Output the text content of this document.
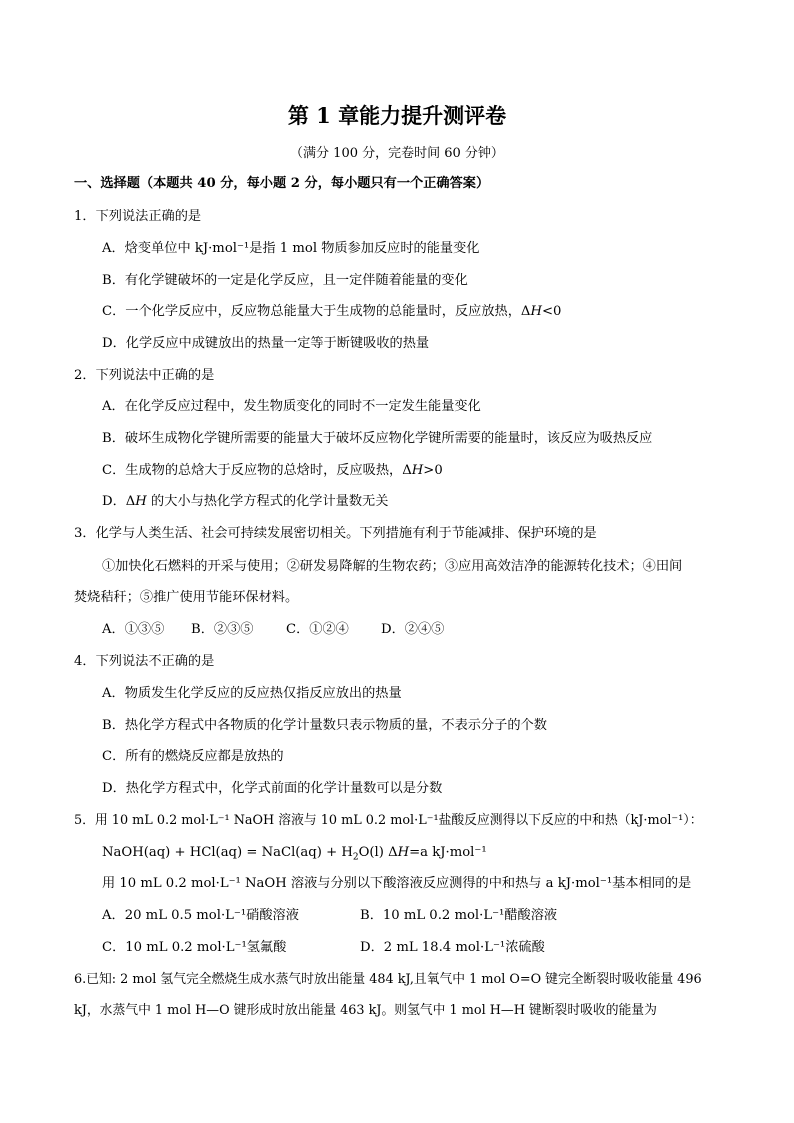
第 1 章能力提升测评卷
（满分 100 分，完卷时间 60 分钟）
一、选择题（本题共 40 分，每小题 2 分，每小题只有一个正确答案）
1．下列说法正确的是
A．焓变单位中 kJ·mol⁻¹是指 1 mol 物质参加反应时的能量变化
B．有化学键破坏的一定是化学反应，且一定伴随着能量的变化
C．一个化学反应中，反应物总能量大于生成物的总能量时，反应放热，ΔH<0
D．化学反应中成键放出的热量一定等于断键吸收的热量
2．下列说法中正确的是
A．在化学反应过程中，发生物质变化的同时不一定发生能量变化
B．破坏生成物化学键所需要的能量大于破坏反应物化学键所需要的能量时，该反应为吸热反应
C．生成物的总焓大于反应物的总焓时，反应吸热，ΔH>0
D．ΔH 的大小与热化学方程式的化学计量数无关
3．化学与人类生活、社会可持续发展密切相关。下列措施有利于节能减排、保护环境的是
①加快化石燃料的开采与使用；②研发易降解的生物农药；③应用高效洁净的能源转化技术；④田间
焚烧秸秆；⑤推广使用节能环保材料。
A．①③⑤ B．②③⑤ C．①②④ D．②④⑤
4．下列说法不正确的是
A．物质发生化学反应的反应热仅指反应放出的热量
B．热化学方程式中各物质的化学计量数只表示物质的量，不表示分子的个数
C．所有的燃烧反应都是放热的
D．热化学方程式中，化学式前面的化学计量数可以是分数
5．用 10 mL 0.2 mol·L⁻¹ NaOH 溶液与 10 mL 0.2 mol·L⁻¹盐酸反应测得以下反应的中和热（kJ·mol⁻¹）：
NaOH(aq) + HCl(aq) = NaCl(aq) + $H_2O(l)$ ΔH=a kJ·mol⁻¹
用 10 mL 0.2 mol·L⁻¹ NaOH 溶液与分别以下酸溶液反应测得的中和热与 a kJ·mol⁻¹基本相同的是
A．20 mL 0.5 mol·L⁻¹硝酸溶液	B．10 mL 0.2 mol·L⁻¹醋酸溶液
C．10 mL 0.2 mol·L⁻¹氢氟酸	D．2 mL 18.4 mol·L⁻¹浓硫酸
6.已知: 2 mol 氢气完全燃烧生成水蒸气时放出能量 484 kJ,且氧气中 1 mol O=O 键完全断裂时吸收能量 496
kJ，水蒸气中 1 mol H—O 键形成时放出能量 463 kJ。则氢气中 1 mol H—H 键断裂时吸收的能量为
